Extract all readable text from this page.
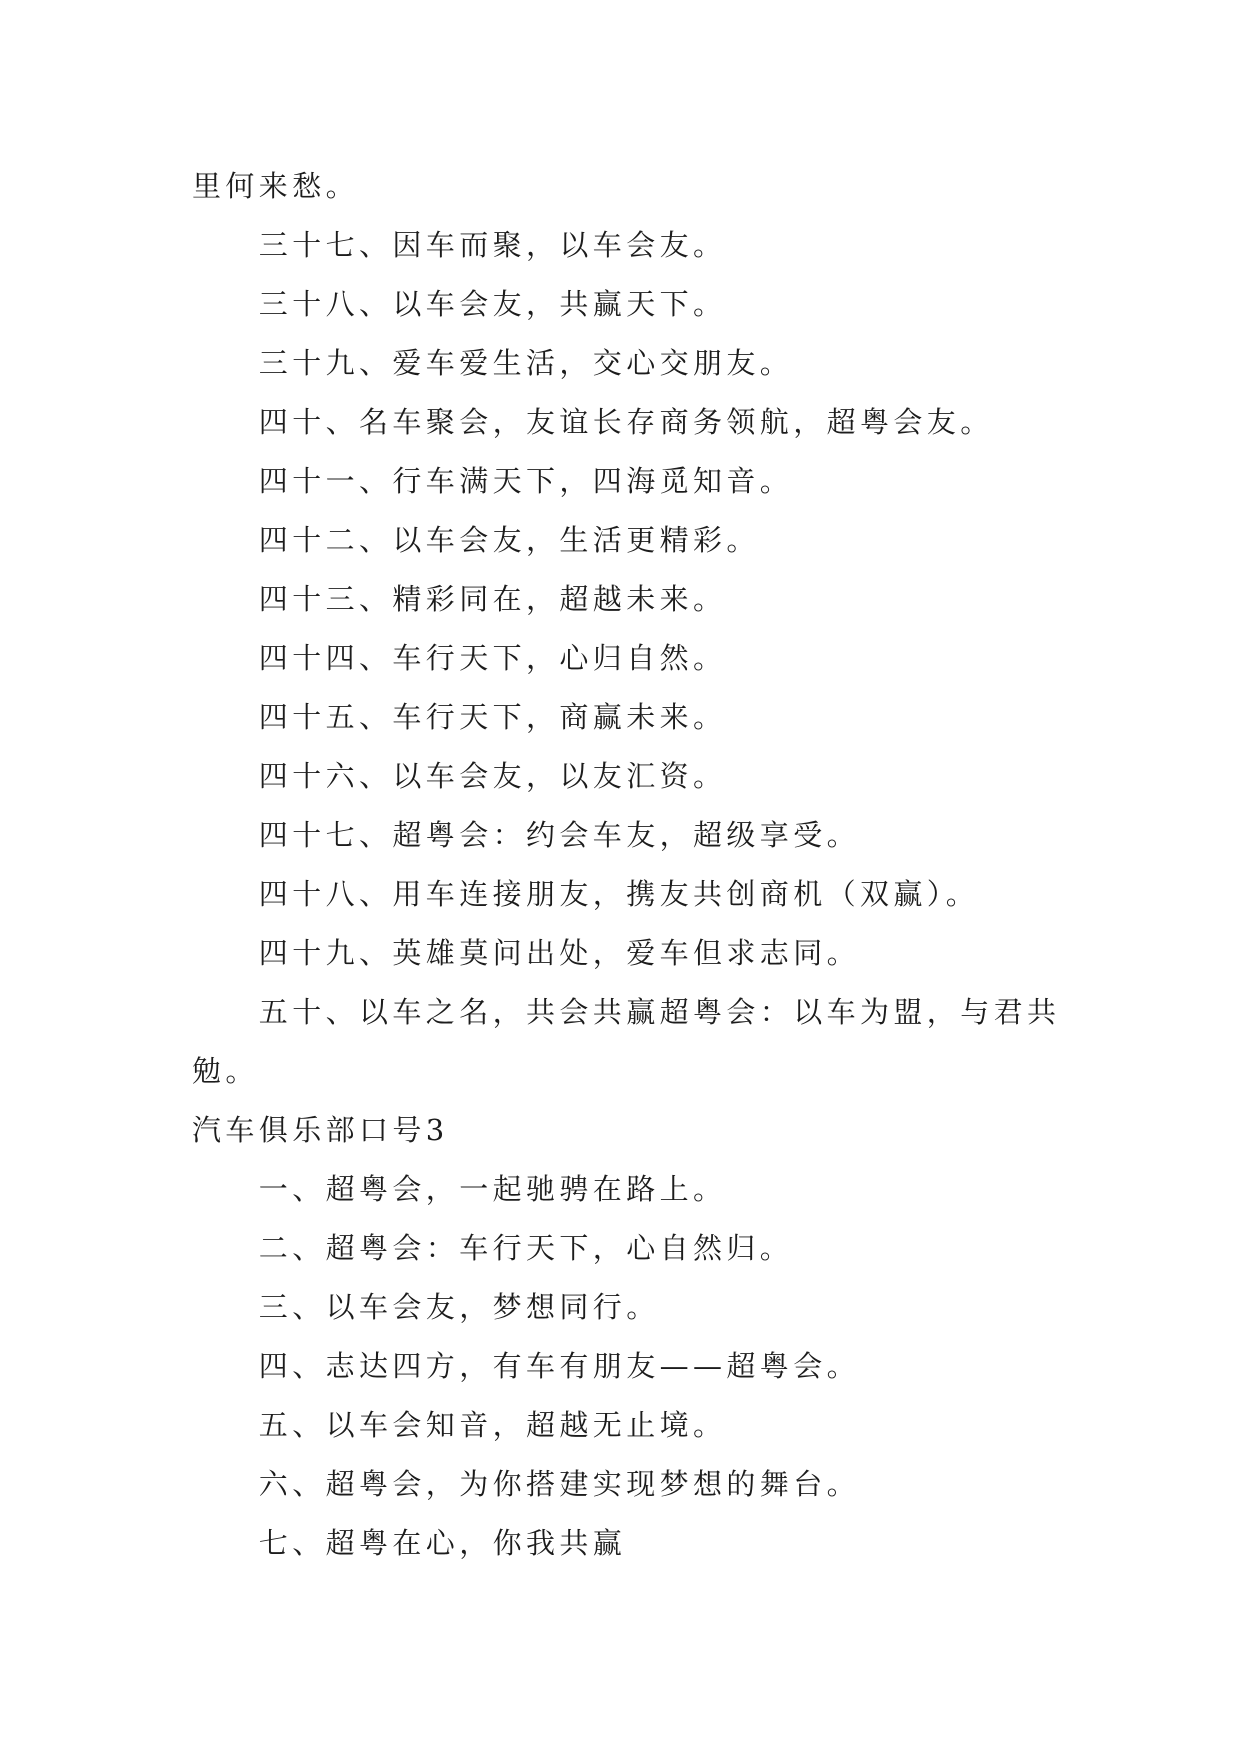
里何来愁。

三十七、因车而聚，以车会友。

三十八、以车会友，共赢天下。

三十九、爱车爱生活，交心交朋友。

四十、名车聚会，友谊长存商务领航，超粤会友。

四十一、行车满天下，四海觅知音。

四十二、以车会友，生活更精彩。

四十三、精彩同在，超越未来。

四十四、车行天下，心归自然。

四十五、车行天下，商赢未来。

四十六、以车会友，以友汇资。

四十七、超粤会：约会车友，超级享受。

四十八、用车连接朋友，携友共创商机（双赢）。

四十九、英雄莫问出处，爱车但求志同。

五十、以车之名，共会共赢超粤会：以车为盟，与君共勉。

汽车俱乐部口号3

一、超粤会，一起驰骋在路上。

二、超粤会：车行天下，心自然归。

三、以车会友，梦想同行。

四、志达四方，有车有朋友——超粤会。

五、以车会知音，超越无止境。

六、超粤会，为你搭建实现梦想的舞台。

七、超粤在心，你我共赢
